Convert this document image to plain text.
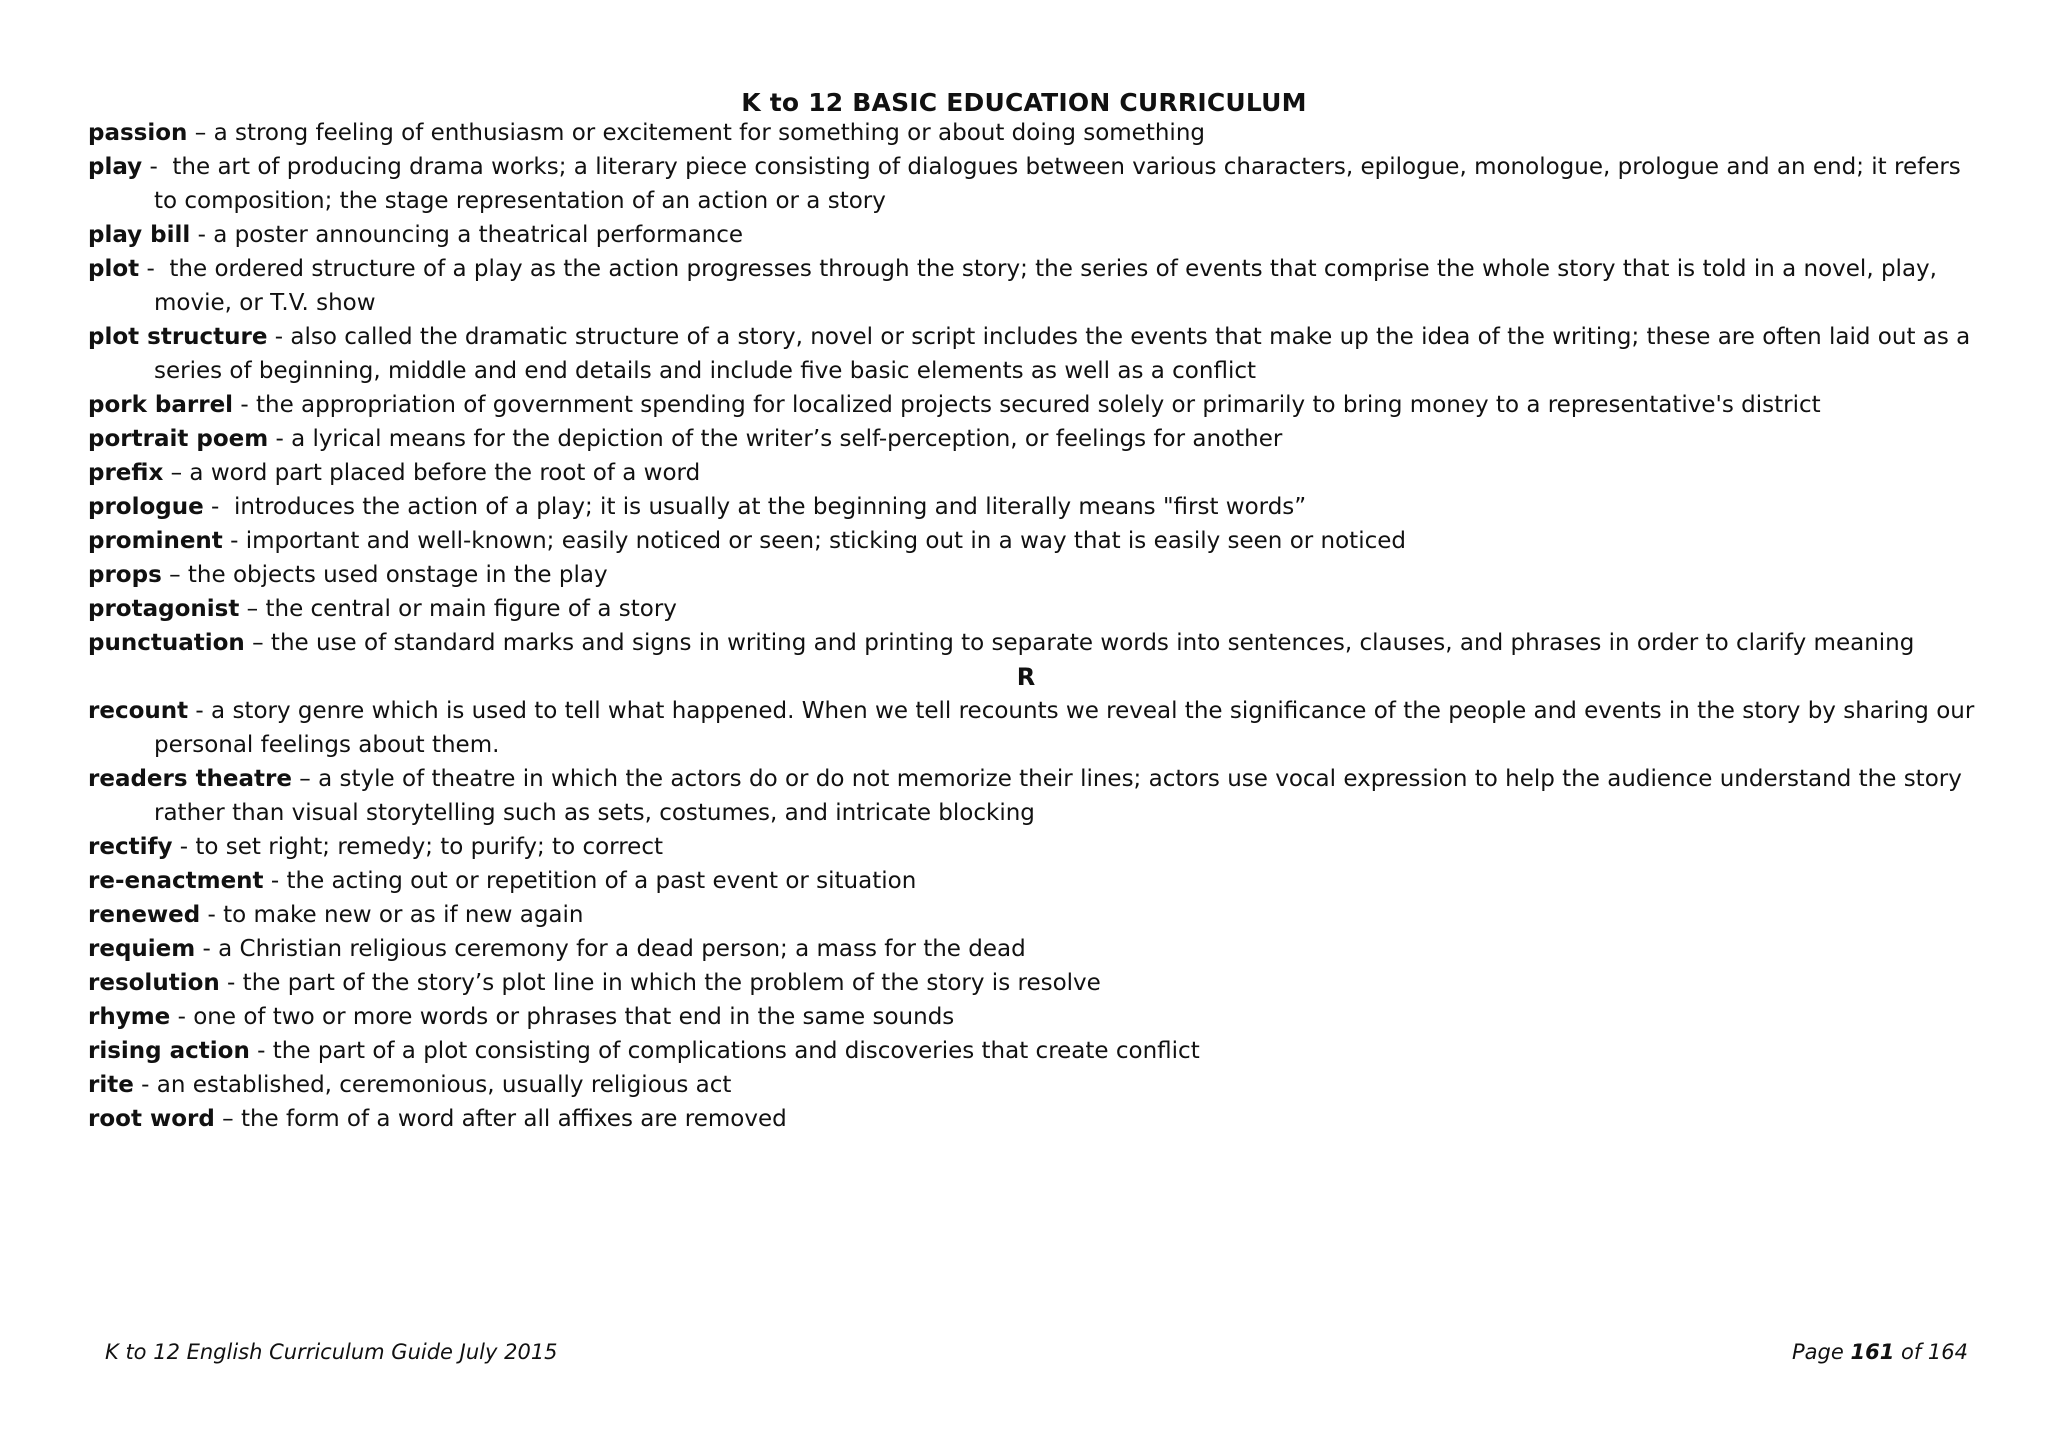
K to 12 BASIC EDUCATION CURRICULUM
passion – a strong feeling of enthusiasm or excitement for something or about doing something
play -  the art of producing drama works; a literary piece consisting of dialogues between various characters, epilogue, monologue, prologue and an end; it refers to composition; the stage representation of an action or a story
play bill - a poster announcing a theatrical performance
plot -  the ordered structure of a play as the action progresses through the story; the series of events that comprise the whole story that is told in a novel, play, movie, or T.V. show
plot structure - also called the dramatic structure of a story, novel or script includes the events that make up the idea of the writing; these are often laid out as a series of beginning, middle and end details and include five basic elements as well as a conflict
pork barrel - the appropriation of government spending for localized projects secured solely or primarily to bring money to a representative's district
portrait poem - a lyrical means for the depiction of the writer’s self-perception, or feelings for another
prefix – a word part placed before the root of a word
prologue -  introduces the action of a play; it is usually at the beginning and literally means "first words”
prominent - important and well-known; easily noticed or seen; sticking out in a way that is easily seen or noticed
props – the objects used onstage in the play
protagonist – the central or main figure of a story
punctuation – the use of standard marks and signs in writing and printing to separate words into sentences, clauses, and phrases in order to clarify meaning
R
recount - a story genre which is used to tell what happened. When we tell recounts we reveal the significance of the people and events in the story by sharing our personal feelings about them.
readers theatre – a style of theatre in which the actors do or do not memorize their lines; actors use vocal expression to help the audience understand the story rather than visual storytelling such as sets, costumes, and intricate blocking
rectify - to set right; remedy; to purify; to correct
re-enactment - the acting out or repetition of a past event or situation
renewed - to make new or as if new again
requiem - a Christian religious ceremony for a dead person; a mass for the dead
resolution - the part of the story’s plot line in which the problem of the story is resolve
rhyme - one of two or more words or phrases that end in the same sounds
rising action - the part of a plot consisting of complications and discoveries that create conflict
rite - an established, ceremonious, usually religious act
root word – the form of a word after all affixes are removed
K to 12 English Curriculum Guide July 2015	Page 161 of 164
